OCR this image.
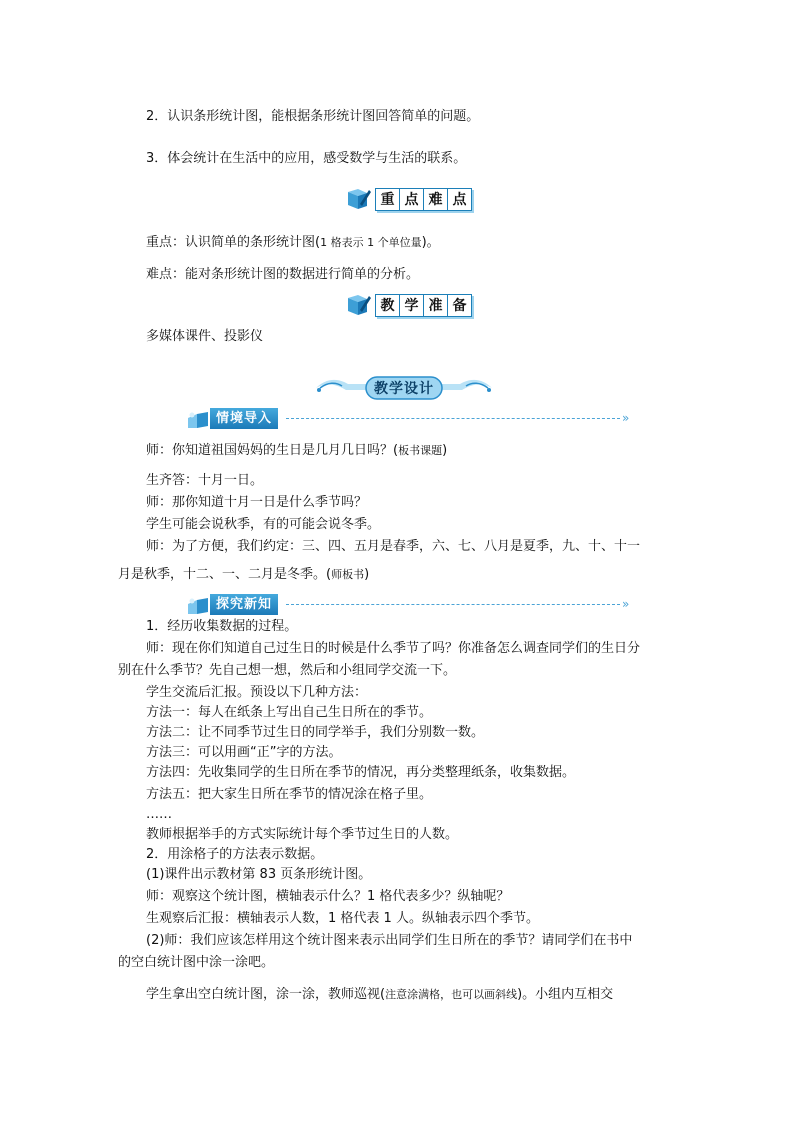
2．认识条形统计图，能根据条形统计图回答简单的问题。

3．体会统计在生活中的应用，感受数学与生活的联系。

重 点 难 点

重点：认识简单的条形统计图(1 格表示 1 个单位量)。

难点：能对条形统计图的数据进行简单的分析。

教 学 准 备

多媒体课件、投影仪

教学设计
情境导入	»

师：你知道祖国妈妈的生日是几月几日吗？(板书课题)

生齐答：十月一日。

师：那你知道十月一日是什么季节吗？

学生可能会说秋季，有的可能会说冬季。

师：为了方便，我们约定：三、四、五月是春季，六、七、八月是夏季，九、十、十一

月是秋季，十二、一、二月是冬季。(师板书)

探究新知	»

1．经历收集数据的过程。

师：现在你们知道自己过生日的时候是什么季节了吗？你准备怎么调查同学们的生日分

别在什么季节？先自己想一想，然后和小组同学交流一下。

学生交流后汇报。预设以下几种方法：

方法一：每人在纸条上写出自己生日所在的季节。

方法二：让不同季节过生日的同学举手，我们分别数一数。

方法三：可以用画“正”字的方法。

方法四：先收集同学的生日所在季节的情况，再分类整理纸条，收集数据。

方法五：把大家生日所在季节的情况涂在格子里。

……

教师根据举手的方式实际统计每个季节过生日的人数。

2．用涂格子的方法表示数据。

(1)课件出示教材第 83 页条形统计图。

师：观察这个统计图，横轴表示什么？1 格代表多少？纵轴呢？

生观察后汇报：横轴表示人数，1 格代表 1 人。纵轴表示四个季节。

(2)师：我们应该怎样用这个统计图来表示出同学们生日所在的季节？请同学们在书中

的空白统计图中涂一涂吧。

学生拿出空白统计图，涂一涂，教师巡视(注意涂满格，也可以画斜线)。小组内互相交
